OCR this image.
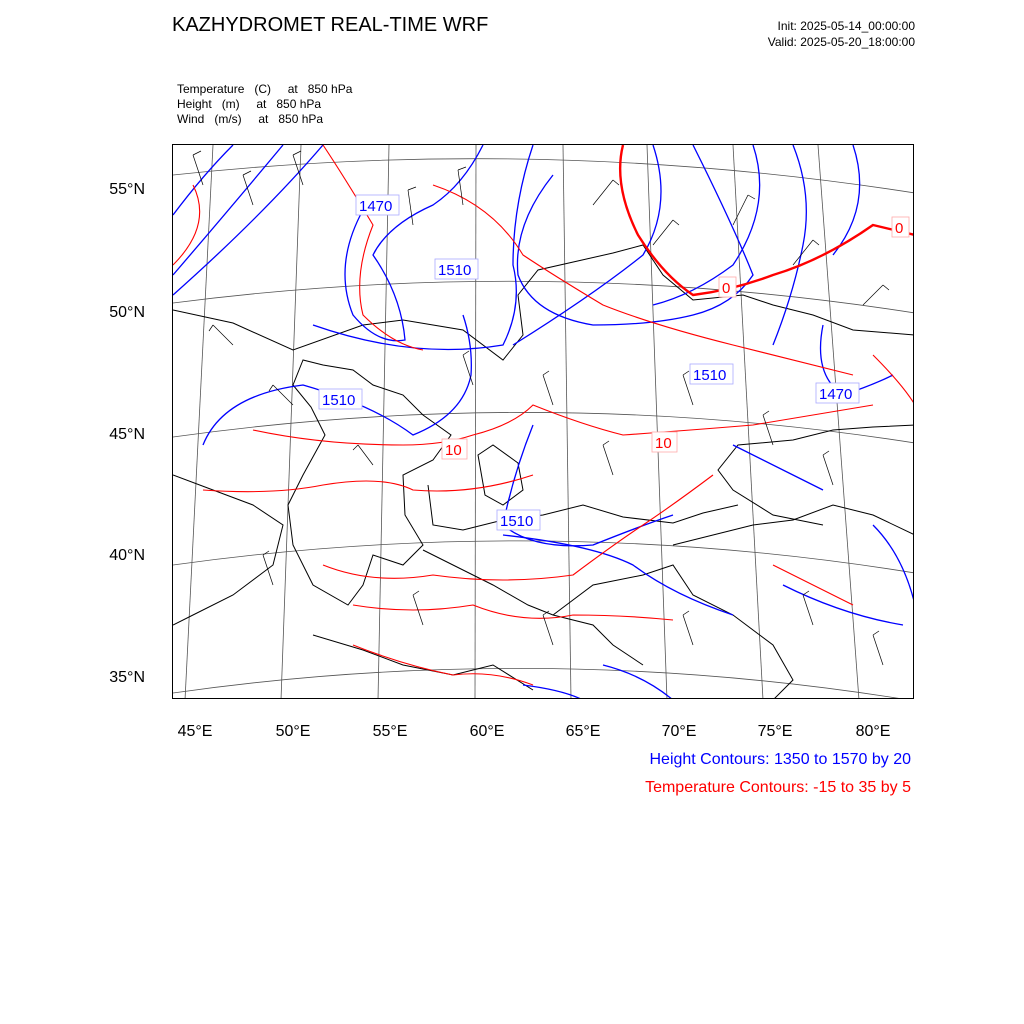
KAZHYDROMET REAL-TIME WRF	Init: 2025-05-14_00:00:00
Valid: 2025-05-20_18:00:00
Temperature   (C)     at   850 hPa
Height   (m)     at   850 hPa
Wind   (m/s)     at   850 hPa
1470
1510
1510
1510
1510
1470
0
10	10
0
55°N
50°N
45°N
40°N
35°N
45°E	50°E	55°E	60°E	65°E	70°E	75°E	80°E
Height Contours: 1350 to 1570 by 20
Temperature Contours: -15 to 35 by 5
